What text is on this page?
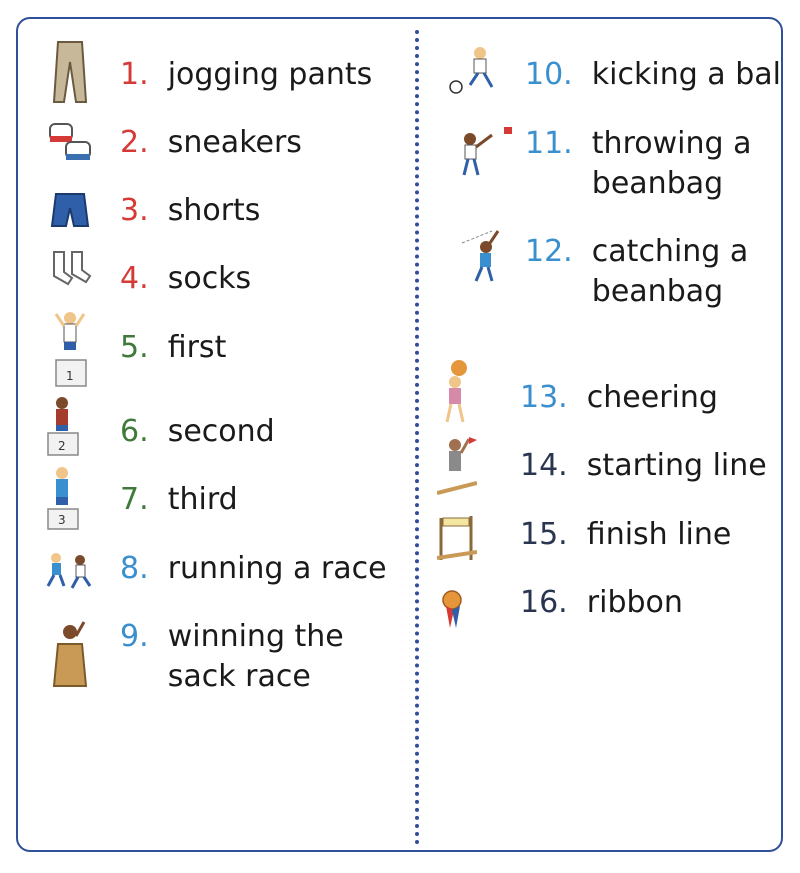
1
2
3
1. jogging pants
2. sneakers
3. shorts
4. socks
5. first
6. second
7. third
8. running a race
9. winning the sack race
10. kicking a bal
11. throwing a beanbag
12. catching a beanbag
13. cheering
14. starting line
15. finish line
16. ribbon
